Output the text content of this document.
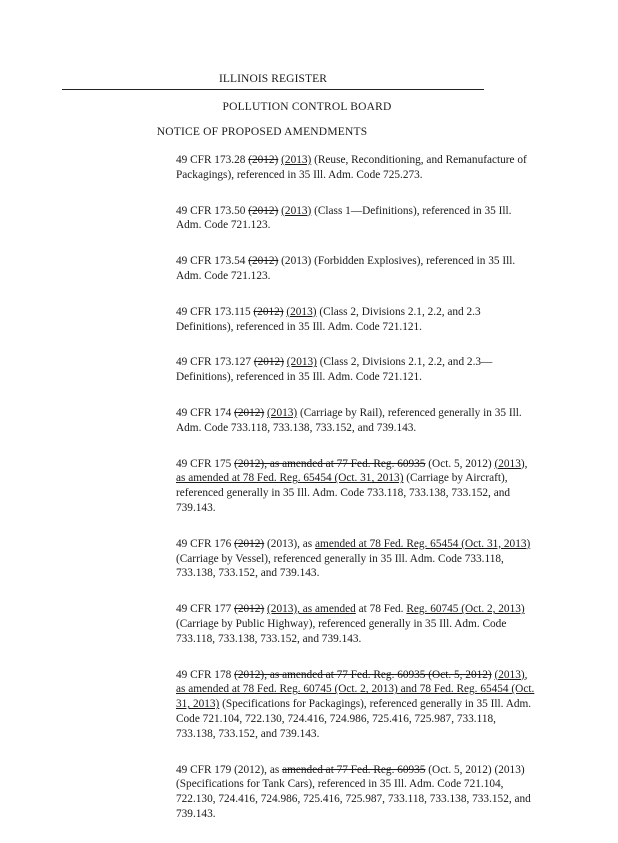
ILLINOIS REGISTER
POLLUTION CONTROL BOARD
NOTICE OF PROPOSED AMENDMENTS

49 CFR 173.28 (2012) (2013) (Reuse, Reconditioning, and Remanufacture of Packagings), referenced in 35 Ill. Adm. Code 725.273.

49 CFR 173.50 (2012) (2013) (Class 1—Definitions), referenced in 35 Ill. Adm. Code 721.123.

49 CFR 173.54 (2012) (2013) (Forbidden Explosives), referenced in 35 Ill. Adm. Code 721.123.

49 CFR 173.115 (2012) (2013) (Class 2, Divisions 2.1, 2.2, and 2.3 Definitions), referenced in 35 Ill. Adm. Code 721.121.

49 CFR 173.127 (2012) (2013) (Class 2, Divisions 2.1, 2.2, and 2.3—Definitions), referenced in 35 Ill. Adm. Code 721.121.

49 CFR 174 (2012) (2013) (Carriage by Rail), referenced generally in 35 Ill. Adm. Code 733.118, 733.138, 733.152, and 739.143.

49 CFR 175 (2012), as amended at 77 Fed. Reg. 60935 (Oct. 5, 2012) (2013), as amended at 78 Fed. Reg. 65454 (Oct. 31, 2013) (Carriage by Aircraft), referenced generally in 35 Ill. Adm. Code 733.118, 733.138, 733.152, and 739.143.

49 CFR 176 (2012) (2013), as amended at 78 Fed. Reg. 65454 (Oct. 31, 2013) (Carriage by Vessel), referenced generally in 35 Ill. Adm. Code 733.118, 733.138, 733.152, and 739.143.

49 CFR 177 (2012) (2013), as amended at 78 Fed. Reg. 60745 (Oct. 2, 2013) (Carriage by Public Highway), referenced generally in 35 Ill. Adm. Code 733.118, 733.138, 733.152, and 739.143.

49 CFR 178 (2012), as amended at 77 Fed. Reg. 60935 (Oct. 5, 2012) (2013), as amended at 78 Fed. Reg. 60745 (Oct. 2, 2013) and 78 Fed. Reg. 65454 (Oct. 31, 2013) (Specifications for Packagings), referenced generally in 35 Ill. Adm. Code 721.104, 722.130, 724.416, 724.986, 725.416, 725.987, 733.118, 733.138, 733.152, and 739.143.

49 CFR 179 (2012), as amended at 77 Fed. Reg. 60935 (Oct. 5, 2012) (2013) (Specifications for Tank Cars), referenced in 35 Ill. Adm. Code 721.104, 722.130, 724.416, 724.986, 725.416, 725.987, 733.118, 733.138, 733.152, and 739.143.
